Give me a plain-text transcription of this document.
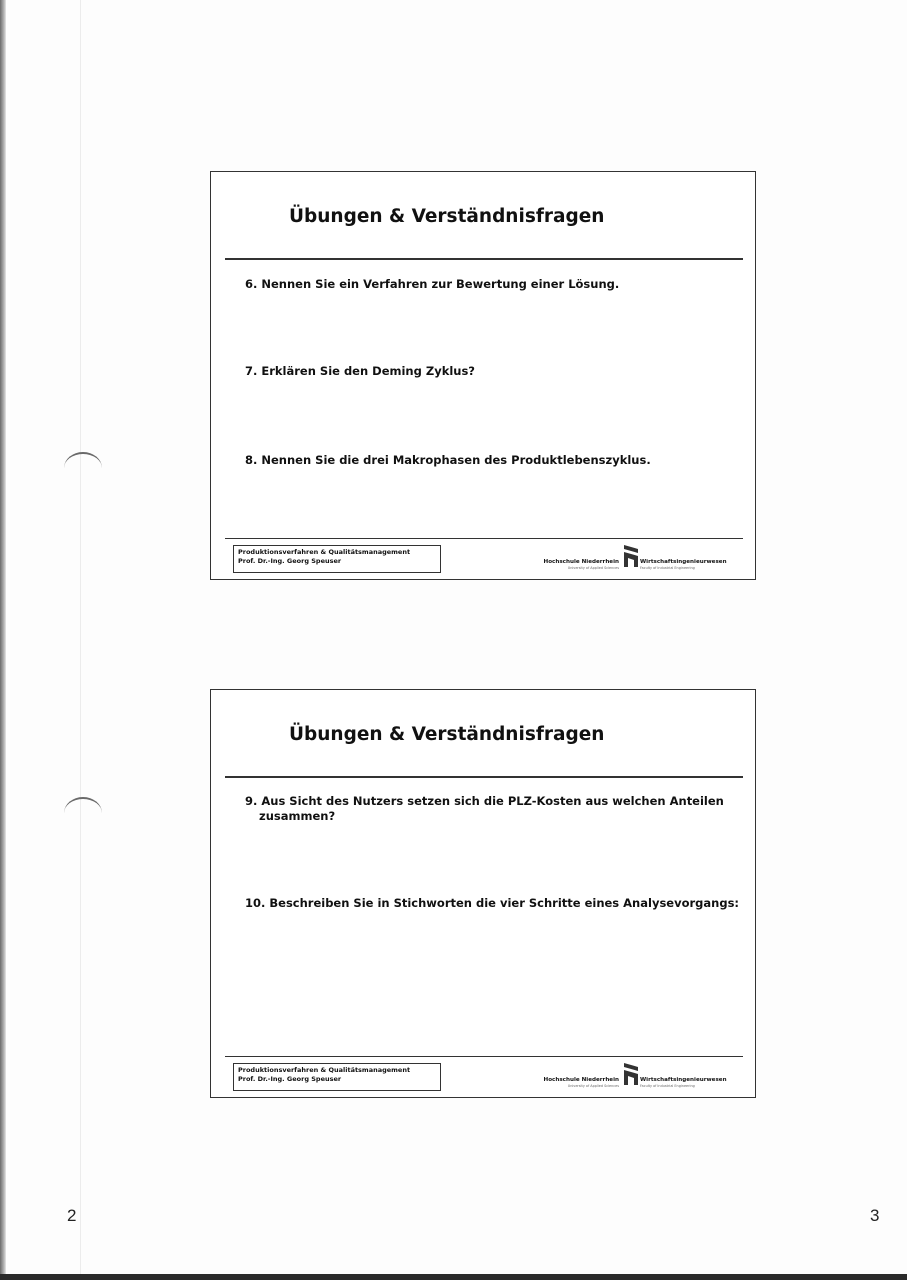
Übungen & Verständnisfragen

6. Nennen Sie ein Verfahren zur Bewertung einer Lösung.

7. Erklären Sie den Deming Zyklus?

8. Nennen Sie die drei Makrophasen des Produktlebenszyklus.

Produktionsverfahren & Qualitätsmanagement
Prof. Dr.-Ing. Georg Speuser	Hochschule Niederrhein
University of Applied Sciences
Wirtschaftsingenieurwesen
Faculty of Industrial Engineering
Übungen & Verständnisfragen

9. Aus Sicht des Nutzers setzen sich die PLZ-Kosten aus welchen Anteilen

zusammen?

10. Beschreiben Sie in Stichworten die vier Schritte eines Analysevorgangs:

Produktionsverfahren & Qualitätsmanagement
Prof. Dr.-Ing. Georg Speuser	Hochschule Niederrhein
University of Applied Sciences
Wirtschaftsingenieurwesen
Faculty of Industrial Engineering
2	3
